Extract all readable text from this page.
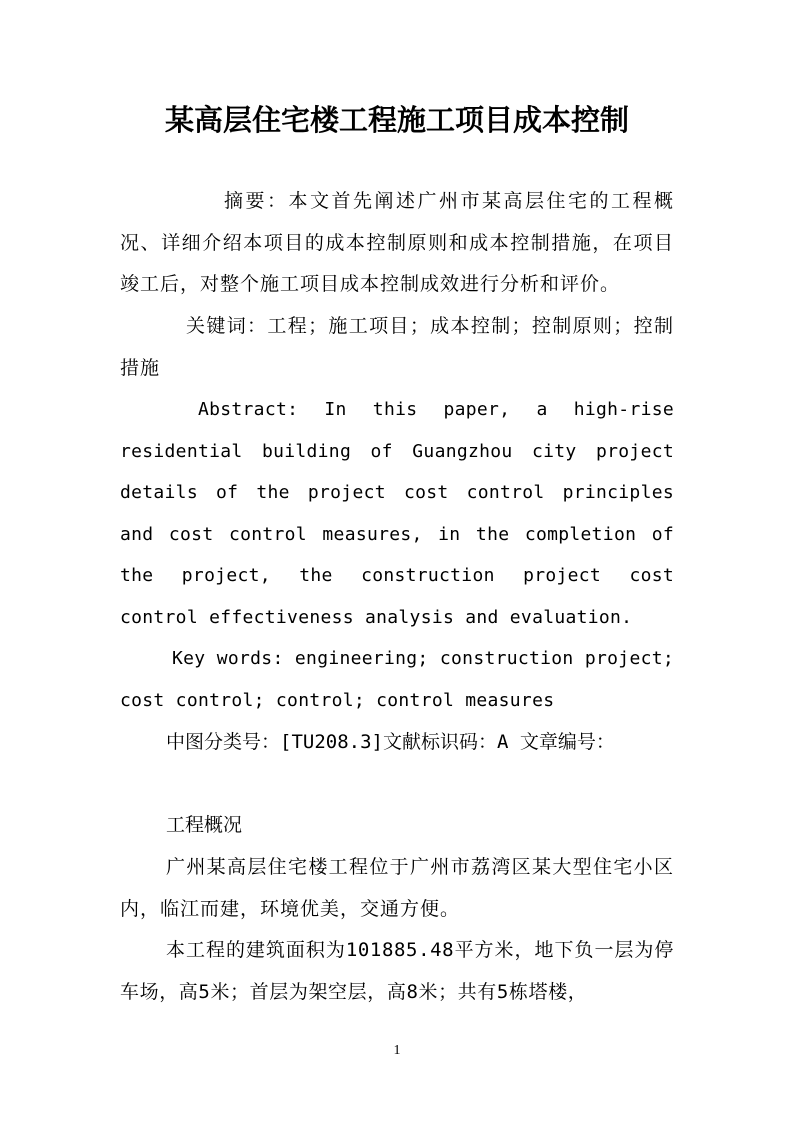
某高层住宅楼工程施工项目成本控制

摘要：本文首先阐述广州市某高层住宅的工程概况、详细介绍本项目的成本控制原则和成本控制措施，在项目竣工后，对整个施工项目成本控制成效进行分析和评价。

关键词：工程；施工项目；成本控制；控制原则；控制措施

Abstract: In this paper, a high-rise residential building of Guangzhou city project details of the project cost control principles and cost control measures, in the completion of the project, the construction project cost control effectiveness analysis and evaluation.

Key words: engineering; construction project; cost control; control; control measures

中图分类号：[TU208.3]文献标识码：A 文章编号：

工程概况

广州某高层住宅楼工程位于广州市荔湾区某大型住宅小区内，临江而建，环境优美，交通方便。

本工程的建筑面积为101885.48平方米，地下负一层为停车场，高5米；首层为架空层，高8米；共有5栋塔楼，

1
